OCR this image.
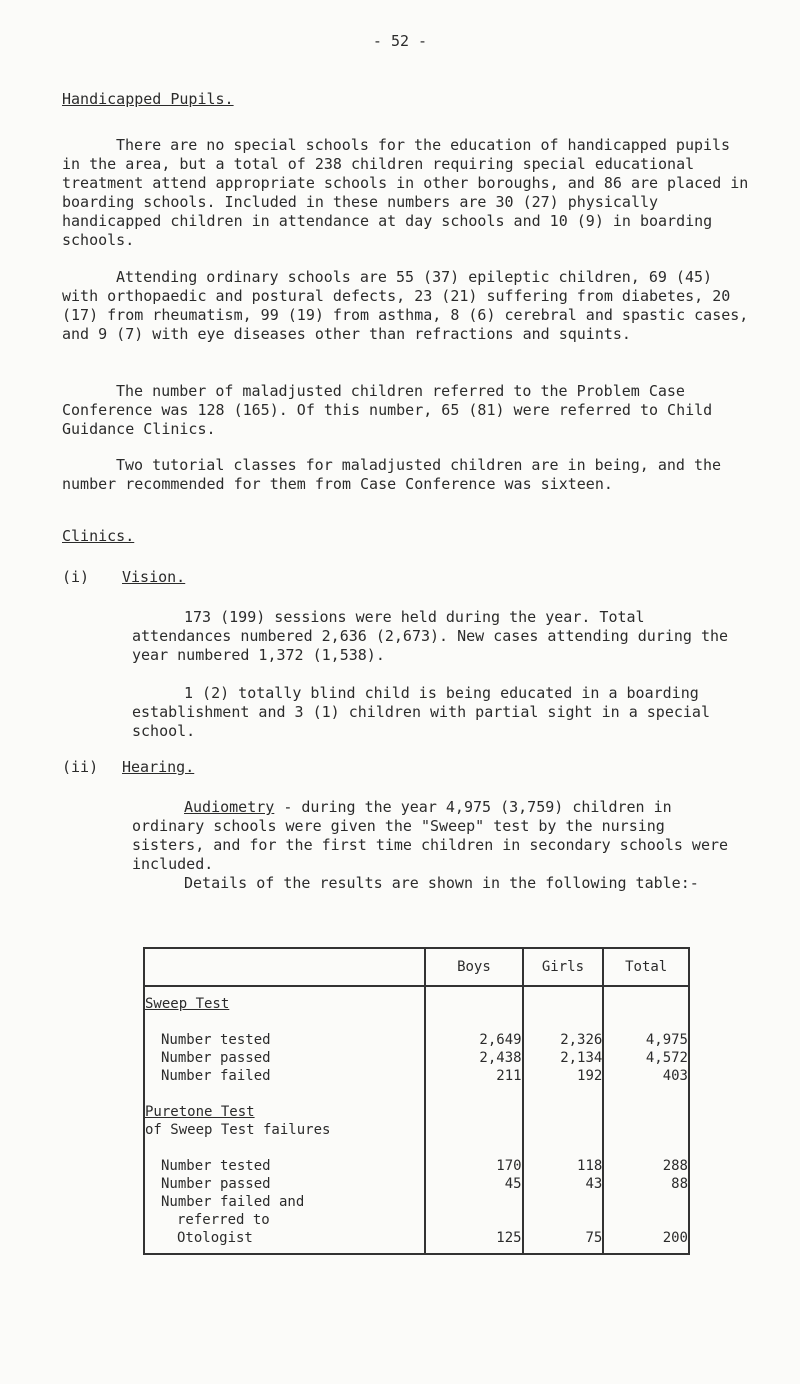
- 52 -
Handicapped Pupils.

There are no special schools for the education of handicapped pupils in the area, but a total of 238 children requiring special educational treatment attend appropriate schools in other boroughs, and 86 are placed in boarding schools. Included in these numbers are 30 (27) physically handicapped children in attendance at day schools and 10 (9) in boarding schools.

Attending ordinary schools are 55 (37) epileptic children, 69 (45) with orthopaedic and postural defects, 23 (21) suffering from diabetes, 20 (17) from rheumatism, 99 (19) from asthma, 8 (6) cerebral and spastic cases, and 9 (7) with eye diseases other than refractions and squints.

The number of maladjusted children referred to the Problem Case Conference was 128 (165). Of this number, 65 (81) were referred to Child Guidance Clinics.

Two tutorial classes for maladjusted children are in being, and the number recommended for them from Case Conference was sixteen.

Clinics.
(i) Vision.

173 (199) sessions were held during the year. Total attendances numbered 2,636 (2,673). New cases attending during the year numbered 1,372 (1,538).

1 (2) totally blind child is being educated in a boarding establishment and 3 (1) children with partial sight in a special school.

(ii) Hearing.

Audiometry - during the year 4,975 (3,759) children in ordinary schools were given the "Sweep" test by the nursing sisters, and for the first time children in secondary schools were included.

Details of the results are shown in the following table:-

	Boys	Girls	Total
Sweep Test			

Number tested	2,649	2,326	4,975
Number passed	2,438	2,134	4,572
Number failed	211	192	403

Puretone Test			
of Sweep Test failures			

Number tested	170	118	288
Number passed	45	43	88
Number failed and			
referred to			
Otologist	125	75	200
